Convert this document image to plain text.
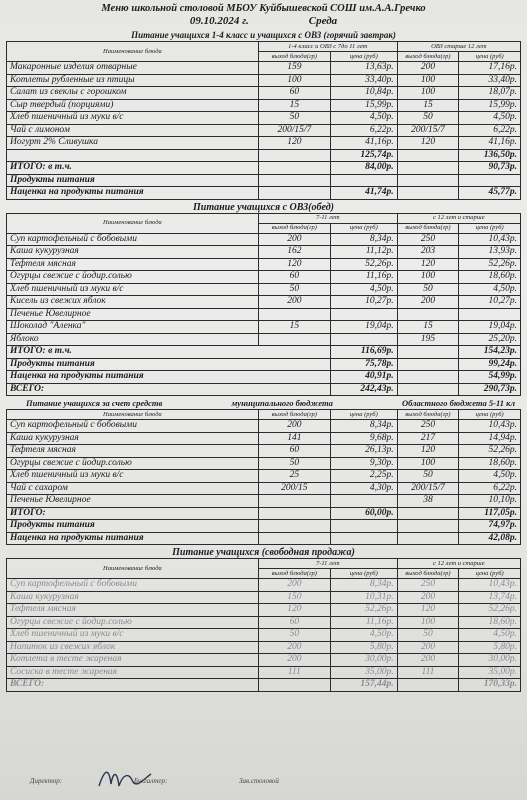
Меню школьной столовой МБОУ Куйбышевской СОШ им.А.А.Гречко
09.10.2024 г.	Среда
Питание учащихся 1-4 класс и учащихся с ОВЗ (горячий завтрак)
Наименование блюда	1-4 класс и ОВЗ с 7до 11 лет		ОВЗ старше 12 лет	
	выход блюда(гр)	цена (руб)	выход блюда(гр)	цена (руб)
Макаронные изделия отварные	159	13,63р.	200	17,16р.
Котлеты рубленные из птицы	100	33,40р.	100	33,40р.
Салат из свеклы с горошком	60	10,84р.	100	18,07р.
Сыр твердый (порциями)	15	15,99р.	15	15,99р.
Хлеб пшеничный из муки в/с	50	4,50р.	50	4,50р.
Чай с лимоном	200/15/7	6,22р.	200/15/7	6,22р.
Йогурт 2% Сливушка	120	41,16р.	120	41,16р.
		125,74р.		136,50р.
ИТОГО: в т.ч.		84,00р.		90,73р.
Продукты питания				
Наценка на продукты питания		41,74р.		45,77р.
Питание учащихся с ОВЗ(обед)
Наименование блюда	7-11 лет		с 12 лет и старше	
	выход блюда(гр)	цена (руб)	выход блюда(гр)	цена (руб)
Суп картофельный с бобовыми	200	8,34р.	250	10,43р.
Каша кукурузная	162	11,12р.	203	13,93р.
Тефтеля мясная	120	52,26р.	120	52,26р.
Огурцы свежие с йодир.солью	60	11,16р.	100	18,60р.
Хлеб пшеничный из муки в/с	50	4,50р.	50	4,50р.
Кисель из свежих яблок	200	10,27р.	200	10,27р.
Печенье Ювелирное				
Шоколад "Аленка"	15	19,04р.	15	19,04р.
Яблоко			195	25,20р.
ИТОГО: в т.ч.		116,69р.		154,23р.
Продукты питания		75,78р.		99,24р.
Наценка на продукты питания		40,91р.		54,99р.
ВСЕГО:		242,43р.		290,73р.
Питание учащихся за счет средств	муниципального бюджета	Областного бюджета 5-11 кл
Наименование блюда	выход блюда(гр)	цена (руб)	выход блюда(гр)	цена (руб)
Суп картофельный с бобовыми	200	8,34р.	250	10,43р.
Каша кукурузная	141	9,68р.	217	14,94р.
Тефтеля мясная	60	26,13р.	120	52,26р.
Огурцы свежие с йодир.солью	50	9,30р.	100	18,60р.
Хлеб пшеничный из муки в/с	25	2,25р.	50	4,50р.
Чай с сахаром	200/15	4,30р.	200/15/7	6,22р.
Печенье Ювелирное			38	10,10р.
ИТОГО:		60,00р.		117,05р.
Продукты питания				74,97р.
Наценка на продукты питания				42,08р.
Питание учащихся (свободная продажа)
Наименование блюда	7-11 лет		с 12 лет и старше	
	выход блюда(гр)	цена (руб)	выход блюда(гр)	цена (руб)
Суп картофельный с бобовыми	200	8,34р.	250	10,43р.
Каша кукурузная	150	10,31р.	200	13,74р.
Тефтеля мясная	120	52,26р.	120	52,26р.
Огурцы свежие с йодир.солью	60	11,16р.	100	18,60р.
Хлеб пшеничный из муки в/с	50	4,50р.	50	4,50р.
Напиток из свежих яблок	200	5,80р.	200	5,80р.
Котлета в тесте жареная	200	30,00р.	200	30,00р.
Сосиска в тесте жареная	111	35,00р.	111	35,00р.
ВСЕГО:		157,44р.		170,33р.
Директор:	Бухгалтер:	Зав.столовой
